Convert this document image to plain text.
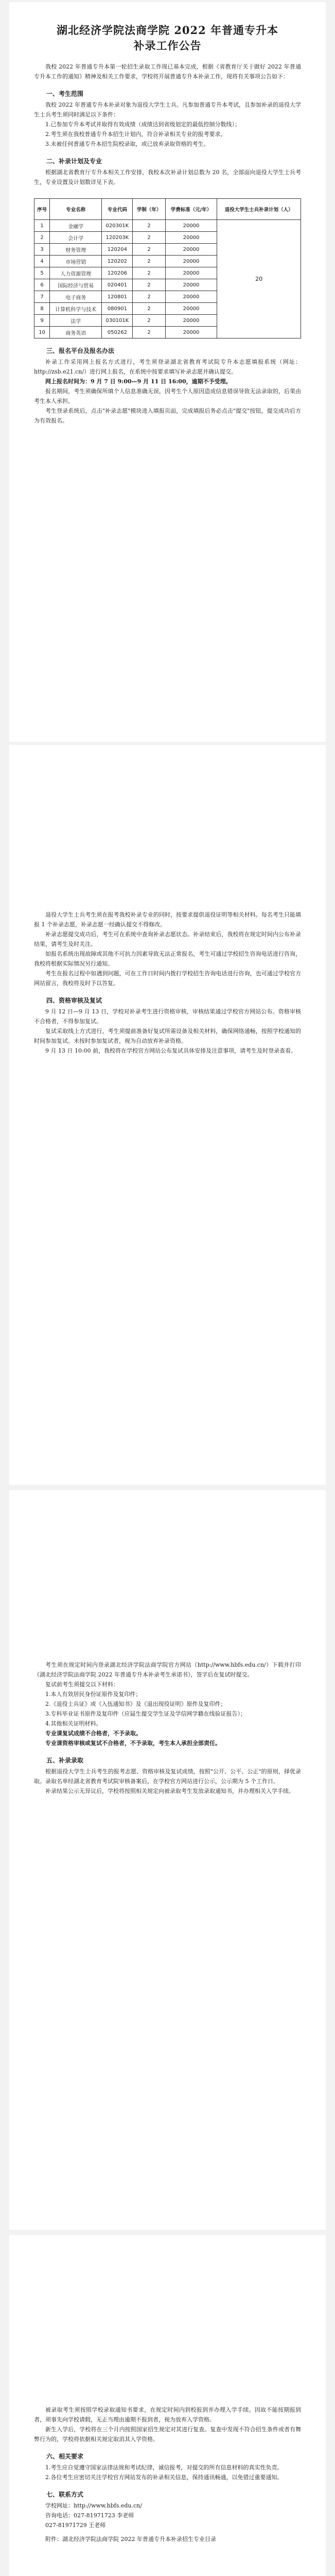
湖北经济学院法商学院 2022 年普通专升本
补录工作公告

我校 2022 年普通专升本第一轮招生录取工作现已基本完成，根据《省教育厅关于做好 2022 年普通专升本工作的通知》精神及相关工作要求，学校将开展普通专升本补录工作，现将有关事项公告如下：

一、考生范围

我校 2022 年普通专升本补录对象为退役大学生士兵。凡参加普通专升本考试，且参加补录的退役大学生士兵考生须同时满足以下条件：

1.已参加专升本考试并取得有效成绩（成绩达到省级划定的最低控制分数线）；

2.考生须在我校普通专升本招生计划内，符合补录相关专业的报考要求。

3.未被任何普通专升本招生院校录取，或已放弃录取资格的考生。

二、补录计划及专业

根据湖北省教育厅专升本相关工作安排，我校本次补录计划总数为 20 名，全部面向退役大学生士兵考生，专业设置及计划数详见下表。

序号	专业名称	专业代码	学制（年）	学费标准（元/年）	退役大学生士兵补录计划（人）
1	金融学	020301K	2	20000	20
2	会计学	120203K	2	20000	
3	财务管理	120204	2	20000	
4	市场营销	120202	2	20000	
5	人力资源管理	120206	2	20000	
6	国际经济与贸易	020401	2	20000	
7	电子商务	120801	2	20000	
8	计算机科学与技术	080901	2	20000	
9	法学	030101K	2	20000	
10	商务英语	050262	2	20000	
三、报名平台及报名办法

补录工作采用网上报名方式进行，考生须登录湖北省教育考试院专升本志愿填报系统（网址：http://zsb.e21.cn/）进行网上报名，在系统中按要求填写补录志愿并确认提交。

网上报名时间为：9 月 7 日 9:00—9 月 11 日 16:00，逾期不予受理。

报名期间，考生须确保所填个人信息准确无误，因考生个人原因造成信息错误导致无法录取的，后果由考生本人承担。

考生登录系统后，点击"补录志愿"模块进入填报页面，完成填报后务必点击"提交"按钮，提交成功后方为有效报名。

退役大学生士兵考生须在报考我校补录专业的同时，按要求提供退役证明等相关材料。每名考生只能填报 1 个补录志愿，补录志愿一经确认提交不得修改。

补录志愿提交成功后，考生可在系统中查询补录志愿状态。补录结束后，我校将在规定时间内公布补录结果，请考生及时关注。

如报名系统出现故障或其他不可抗力因素导致无法正常报名，考生可通过学校招生咨询电话进行咨询，我校将根据实际情况另行通知。

考生在报名过程中如遇到问题，可在工作日时间内拨打学校招生咨询电话进行咨询，也可通过学校官方网站留言，我校将及时予以答复。

四、资格审核及复试

9 月 12 日—9 月 13 日，学校对补录考生进行资格审核，审核结果通过学校官方网站公布。资格审核不合格者，不得参加复试。

复试采取线上方式进行，考生须提前准备好复试所需设备及相关材料，确保网络通畅，按照学校通知的时间参加复试。未按时参加复试者，视为自动放弃补录资格。

9 月 13 日 10:00 前，我校将在学校官方网站公布复试具体安排及注意事项，请考生及时登录查看。

考生须在规定时间内登录湖北经济学院法商学院官方网站（http://www.hbfs.edu.cn/）下载并打印《湖北经济学院法商学院 2022 年普通专升本补录考生承诺书》，签字后在复试时提交。

复试前考生须提交以下材料：

1.本人有效居民身份证原件及复印件；

2.《退役士兵证》或《入伍通知书》及《退出现役证明》原件及复印件；

3.专科毕业证书原件及复印件（应届生提交学生证及学信网学籍在线验证报告）；

4.其他相关证明材料。

专业课复试成绩不合格者，不予录取。

专业课资格审核或复试不合格者，不予录取，考生本人承担全部责任。

五、补录录取

根据退役大学生士兵考生的报考志愿、资格审核及复试成绩，按照"公开、公平、公正"的原则，择优录取。录取名单经湖北省教育考试院审核备案后，在学校官方网站进行公示，公示期为 5 个工作日。

补录结果公示无异议后，学校将按照相关规定向被录取考生发放录取通知书，并办理相关入学手续。

被录取考生须按照学校录取通知书要求，在规定时间内到校报到并办理入学手续。因故不能按期报到者，须事先向学校请假，无正当理由逾期不报到者，视为放弃入学资格。

新生入学后，学校将在三个月内按照国家招生规定对其进行复查。复查中发现不符合招生条件或者有舞弊行为的，学校将依据相关规定取消其入学资格。

六、相关要求

1.考生应自觉遵守国家法律法规和考试纪律，诚信报考，对提交的所有信息材料的真实性负责。

2.各位考生应密切关注学校官方网站发布的补录相关信息，保持通讯畅通，以免错过重要通知。

七、联系方式

学校网址：http://www.hbfs.edu.cn/

咨询电话：027-81971723 李老师

027-81971729 王老师

附件：湖北经济学院法商学院 2022 年普通专升本补录招生专业目录
